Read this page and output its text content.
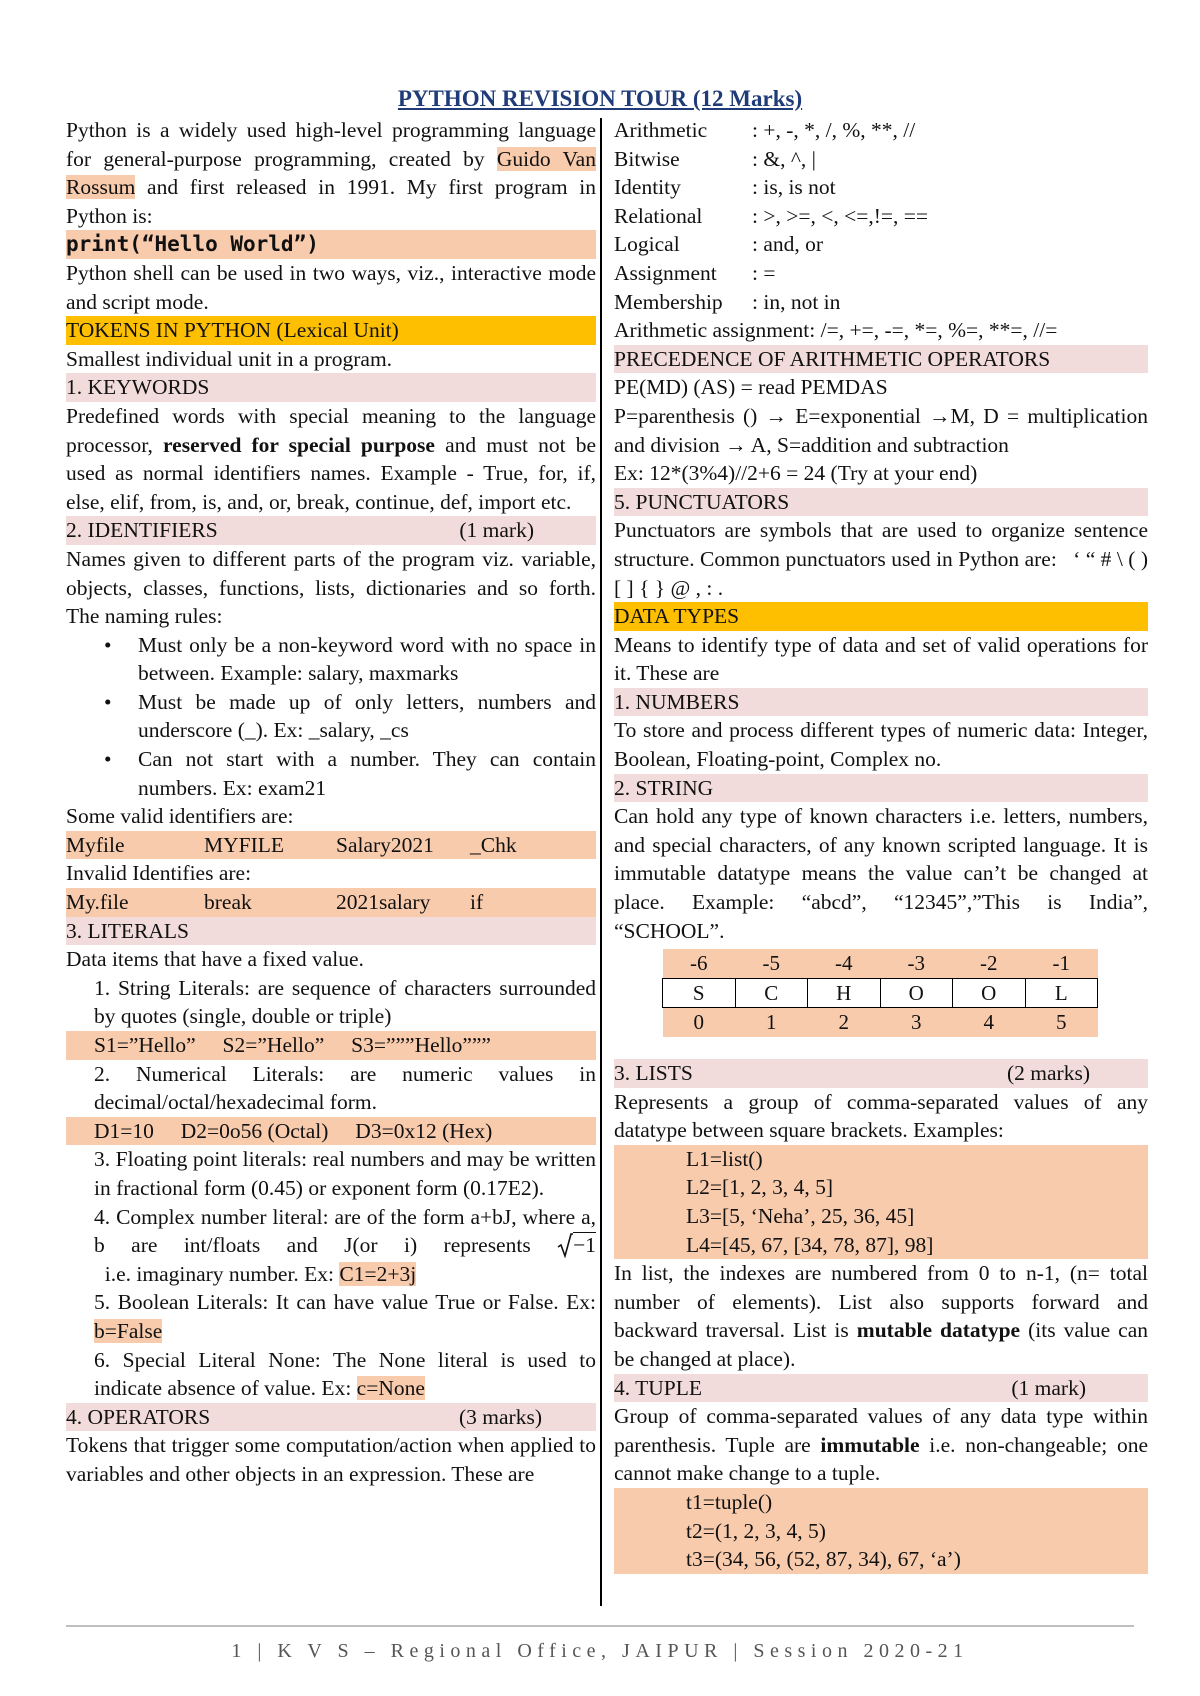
PYTHON REVISION TOUR (12 Marks)

Python is a widely used high-level programming language for general-purpose programming, created by Guido Van Rossum and first released in 1991. My first program in Python is:

print(“Hello World”)

Python shell can be used in two ways, viz., interactive mode and script mode.

TOKENS IN PYTHON (Lexical Unit)

Smallest individual unit in a program.

1. KEYWORDS

Predefined words with special meaning to the language processor, reserved for special purpose and must not be used as normal identifiers names. Example - True, for, if, else, elif, from, is, and, or, break, continue, def, import etc.

2. IDENTIFIERS	(1 mark)

Names given to different parts of the program viz. variable, objects, classes, functions, lists, dictionaries and so forth. The naming rules:

• Must only be a non-keyword word with no space in between. Example: salary, maxmarks
• Must be made up of only letters, numbers and underscore (_). Ex: _salary, _cs
• Can not start with a number. They can contain numbers. Ex: exam21

Some valid identifiers are:

Myfile	MYFILE	Salary2021	_Chk

Invalid Identifies are:

My.file	break	2021salary	if

3. LITERALS

Data items that have a fixed value.

1. String Literals: are sequence of characters surrounded by quotes (single, double or triple)

S1=”Hello”     S2=”Hello”     S3=”””Hello”””

2. Numerical Literals: are numeric values in decimal/octal/hexadecimal form.

D1=10     D2=0o56 (Octal)     D3=0x12 (Hex)

3. Floating point literals: real numbers and may be written in fractional form (0.45) or exponent form (0.17E2).

4. Complex number literal: are of the form a+bJ, where a, b are int/floats and J(or i) represents −1  i.e. imaginary number. Ex: C1=2+3j

5. Boolean Literals: It can have value True or False. Ex: b=False

6. Special Literal None: The None literal is used to indicate absence of value. Ex: c=None

4. OPERATORS	(3 marks)

Tokens that trigger some computation/action when applied to variables and other objects in an expression. These are

Arithmetic	: +, -, *, /, %, **, //
Bitwise	: &, ^, |
Identity	: is, is not
Relational	: >, >=, <, <=,!=, ==
Logical	: and, or
Assignment	: =
Membership	: in, not in

Arithmetic assignment: /=, +=, -=, *=, %=, **=, //=

PRECEDENCE OF ARITHMETIC OPERATORS

PE(MD) (AS) = read PEMDAS

P=parenthesis () → E=exponential →M, D = multiplication and division → A, S=addition and subtraction

Ex: 12*(3%4)//2+6 = 24 (Try at your end)

5. PUNCTUATORS

Punctuators are symbols that are used to organize sentence structure. Common punctuators used in Python are:   ‘ “ # \ ( ) [ ] { } @ , : .

DATA TYPES

Means to identify type of data and set of valid operations for it. These are

1. NUMBERS

To store and process different types of numeric data: Integer, Boolean, Floating-point, Complex no.

2. STRING

Can hold any type of known characters i.e. letters, numbers, and special characters, of any known scripted language. It is immutable datatype means the value can’t be changed at place. Example: “abcd”, “12345”,”This is India”, “SCHOOL”.

-6	-5	-4	-3	-2	-1
S	C	H	O	O	L
0	1	2	3	4	5
3. LISTS	(2 marks)

Represents a group of comma-separated values of any datatype between square brackets. Examples:

L1=list()

L2=[1, 2, 3, 4, 5]

L3=[5, ‘Neha’, 25, 36, 45]

L4=[45, 67, [34, 78, 87], 98]

In list, the indexes are numbered from 0 to n-1, (n= total number of elements). List also supports forward and backward traversal. List is mutable datatype (its value can be changed at place).

4. TUPLE	(1 mark)

Group of comma-separated values of any data type within parenthesis. Tuple are immutable i.e. non-changeable; one cannot make change to a tuple.

t1=tuple()

t2=(1, 2, 3, 4, 5)

t3=(34, 56, (52, 87, 34), 67, ‘a’)

1 | K V S – Regional Office, JAIPUR | Session 2020-21
